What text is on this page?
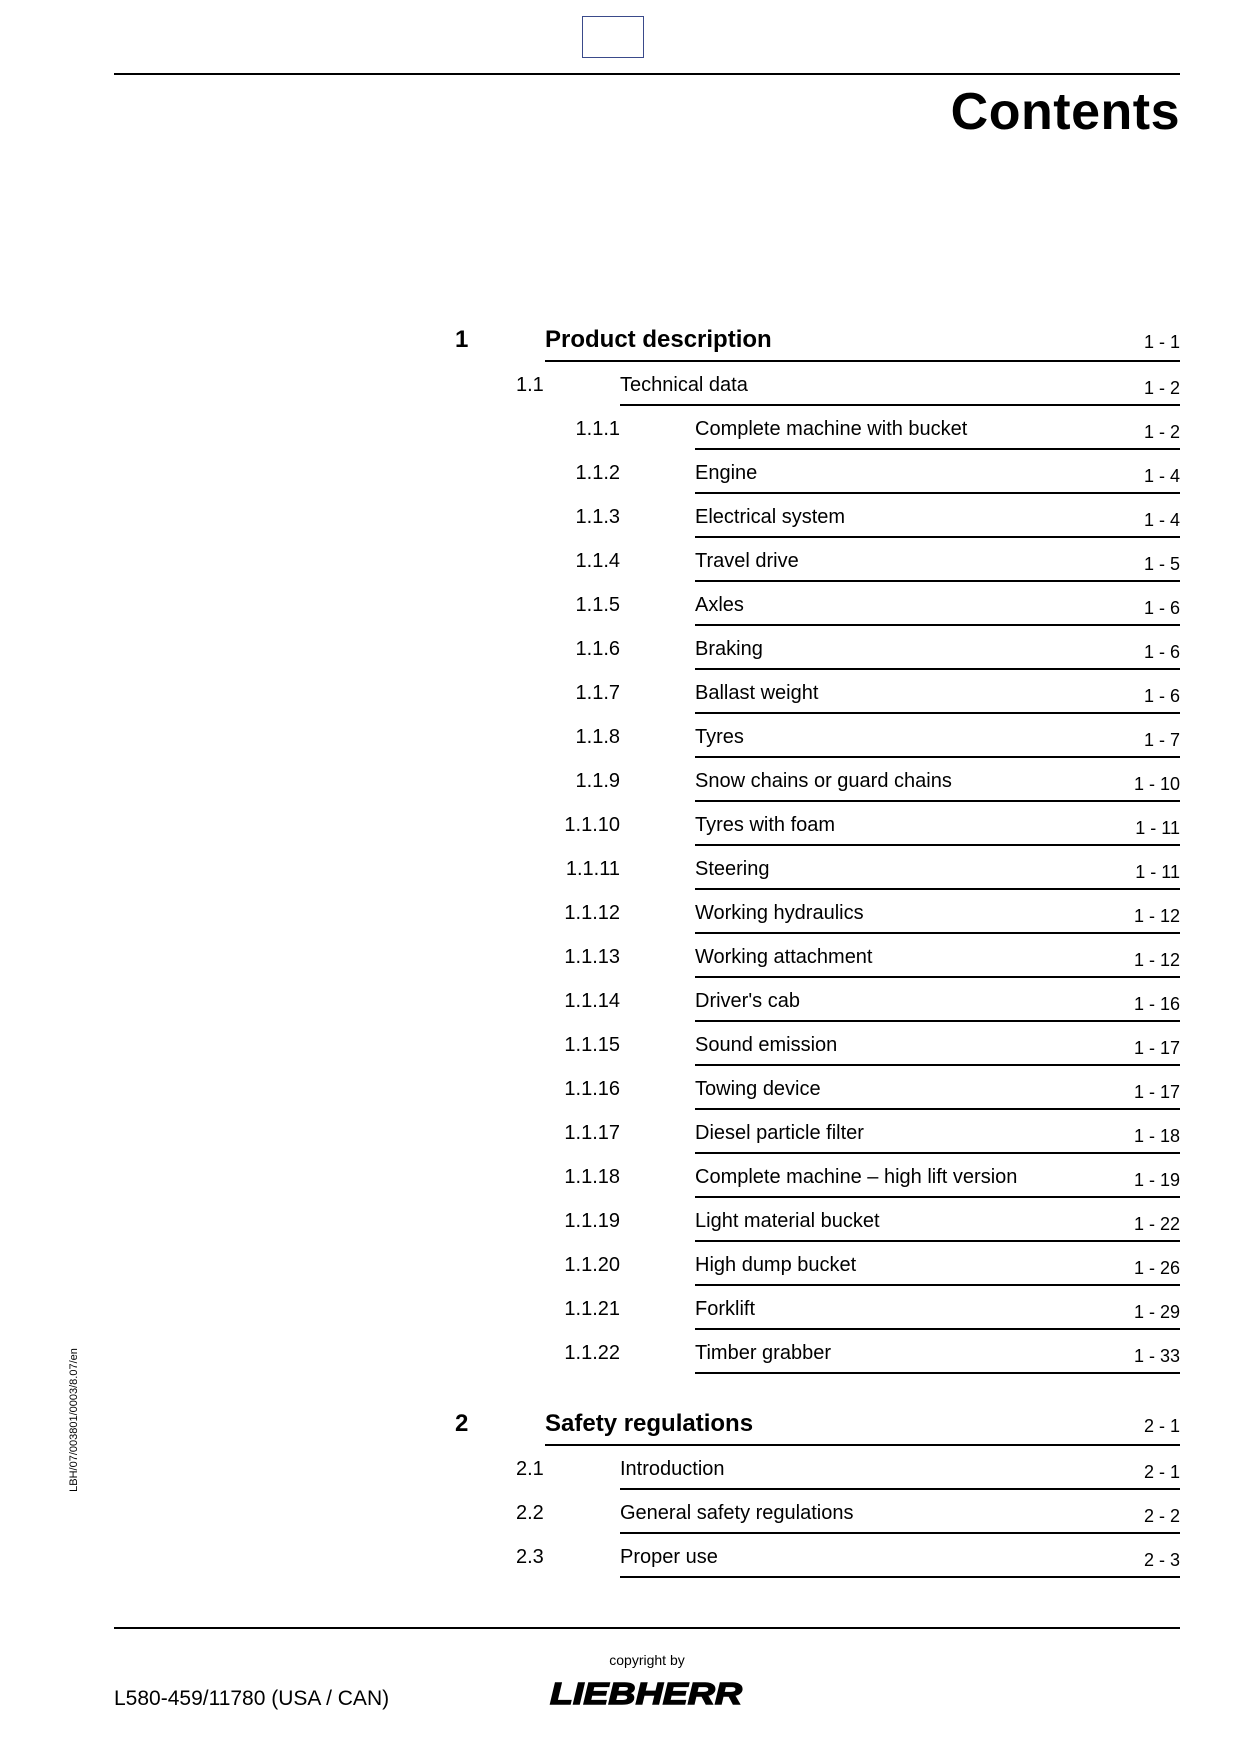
Contents
1	Product description	1 - 1
1.1	Technical data	1 - 2
1.1.1	Complete machine with bucket	1 - 2
1.1.2	Engine	1 - 4
1.1.3	Electrical system	1 - 4
1.1.4	Travel drive	1 - 5
1.1.5	Axles	1 - 6
1.1.6	Braking	1 - 6
1.1.7	Ballast weight	1 - 6
1.1.8	Tyres	1 - 7
1.1.9	Snow chains or guard chains	1 - 10
1.1.10	Tyres with foam	1 - 11
1.1.11	Steering	1 - 11
1.1.12	Working hydraulics	1 - 12
1.1.13	Working attachment	1 - 12
1.1.14	Driver's cab	1 - 16
1.1.15	Sound emission	1 - 17
1.1.16	Towing device	1 - 17
1.1.17	Diesel particle filter	1 - 18
1.1.18	Complete machine – high lift version	1 - 19
1.1.19	Light material bucket	1 - 22
1.1.20	High dump bucket	1 - 26
1.1.21	Forklift	1 - 29
1.1.22	Timber grabber	1 - 33
2	Safety regulations	2 - 1
2.1	Introduction	2 - 1
2.2	General safety regulations	2 - 2
2.3	Proper use	2 - 3
LBH/07/003801/0003/8.07/en
copyright by
LIEBHERR
L580-459/11780 (USA / CAN)
